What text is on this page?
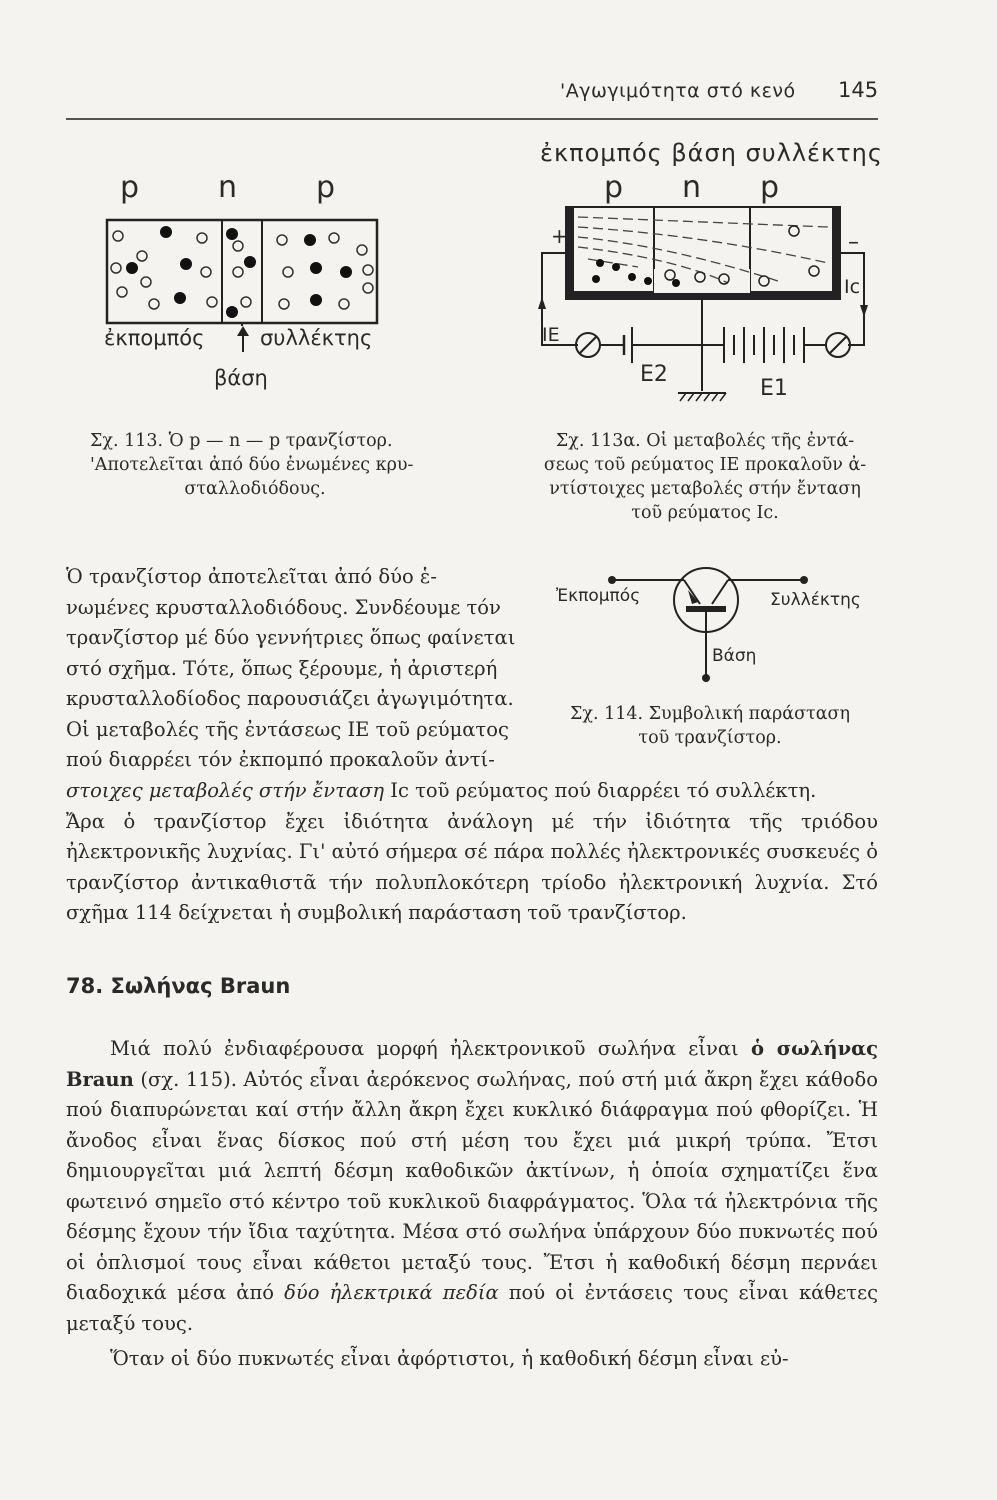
'Αγωγιμότητα στό κενό 145
p	n	p
ἐκπομπός	συλλέκτης
βάση
Σχ. 113. Ὁ p — n — p τρανζίστορ.
'Αποτελεῖται ἀπό δύο ἑνωμένες κρυ-
σταλλοδιόδους.
ἐκπομπός βάση συλλέκτης
p n p
+	–
IE
Ic
E2
E1
Σχ. 113α. Οἱ μεταβολές τῆς ἐντά-
σεως τοῦ ρεύματος IE προκαλοῦν ἀ-
ντίστοιχες μεταβολές στήν ἔνταση
τοῦ ρεύματος Ic.

Ὁ τρανζίστορ ἀποτελεῖται ἀπό δύο ἑ-

νωμένες κρυσταλλοδιόδους. Συνδέουμε τόν

τρανζίστορ μέ δύο γεννήτριες ὅπως φαίνεται

στό σχῆμα. Τότε, ὅπως ξέρουμε, ἡ ἀριστερή

κρυσταλλοδίοδος παρουσιάζει ἀγωγιμότητα.

Οἱ μεταβολές τῆς ἐντάσεως IE τοῦ ρεύματος

πού διαρρέει τόν ἐκπομπό προκαλοῦν ἀντί-

Ἐκπομπός	Συλλέκτης
Βάση
Σχ. 114. Συμβολική παράσταση
τοῦ τρανζίστορ.

στοιχες μεταβολές στήν ἔνταση Ic τοῦ ρεύματος πού διαρρέει τό συλλέκτη.

Ἄρα ὁ τρανζίστορ ἔχει ἰδιότητα ἀνάλογη μέ τήν ἰδιότητα τῆς τριόδου ἠλεκτρονικῆς λυχνίας. Γι' αὐτό σήμερα σέ πάρα πολλές ἠλεκτρονικές συσκευές ὁ τρανζίστορ ἀντικαθιστᾶ τήν πολυπλοκότερη τρίοδο ἠλεκτρονική λυχνία. Στό σχῆμα 114 δείχνεται ἡ συμβολική παράσταση τοῦ τρανζίστορ.

78. Σωλήνας Braun

Μιά πολύ ἐνδιαφέρουσα μορφή ἠλεκτρονικοῦ σωλήνα εἶναι ὁ σωλήνας Braun (σχ. 115). Αὐτός εἶναι ἀερόκενος σωλήνας, πού στή μιά ἄκρη ἔχει κάθοδο πού διαπυρώνεται καί στήν ἄλλη ἄκρη ἔχει κυκλικό διάφραγμα πού φθορίζει. Ἡ ἄνοδος εἶναι ἕνας δίσκος πού στή μέση του ἔχει μιά μικρή τρύπα. Ἔτσι δημιουργεῖται μιά λεπτή δέσμη καθοδικῶν ἀκτίνων, ἡ ὁποία σχηματίζει ἕνα φωτεινό σημεῖο στό κέντρο τοῦ κυκλικοῦ διαφράγματος. Ὅλα τά ἠλεκτρόνια τῆς δέσμης ἔχουν τήν ἴδια ταχύτητα. Μέσα στό σωλήνα ὑπάρχουν δύο πυκνωτές πού οἱ ὁπλισμοί τους εἶναι κάθετοι μεταξύ τους. Ἔτσι ἡ καθοδική δέσμη περνάει διαδοχικά μέσα ἀπό δύο ἠλεκτρικά πεδία πού οἱ ἐντάσεις τους εἶναι κάθετες μεταξύ τους.

Ὅταν οἱ δύο πυκνωτές εἶναι ἀφόρτιστοι, ἡ καθοδική δέσμη εἶναι εὐ-
